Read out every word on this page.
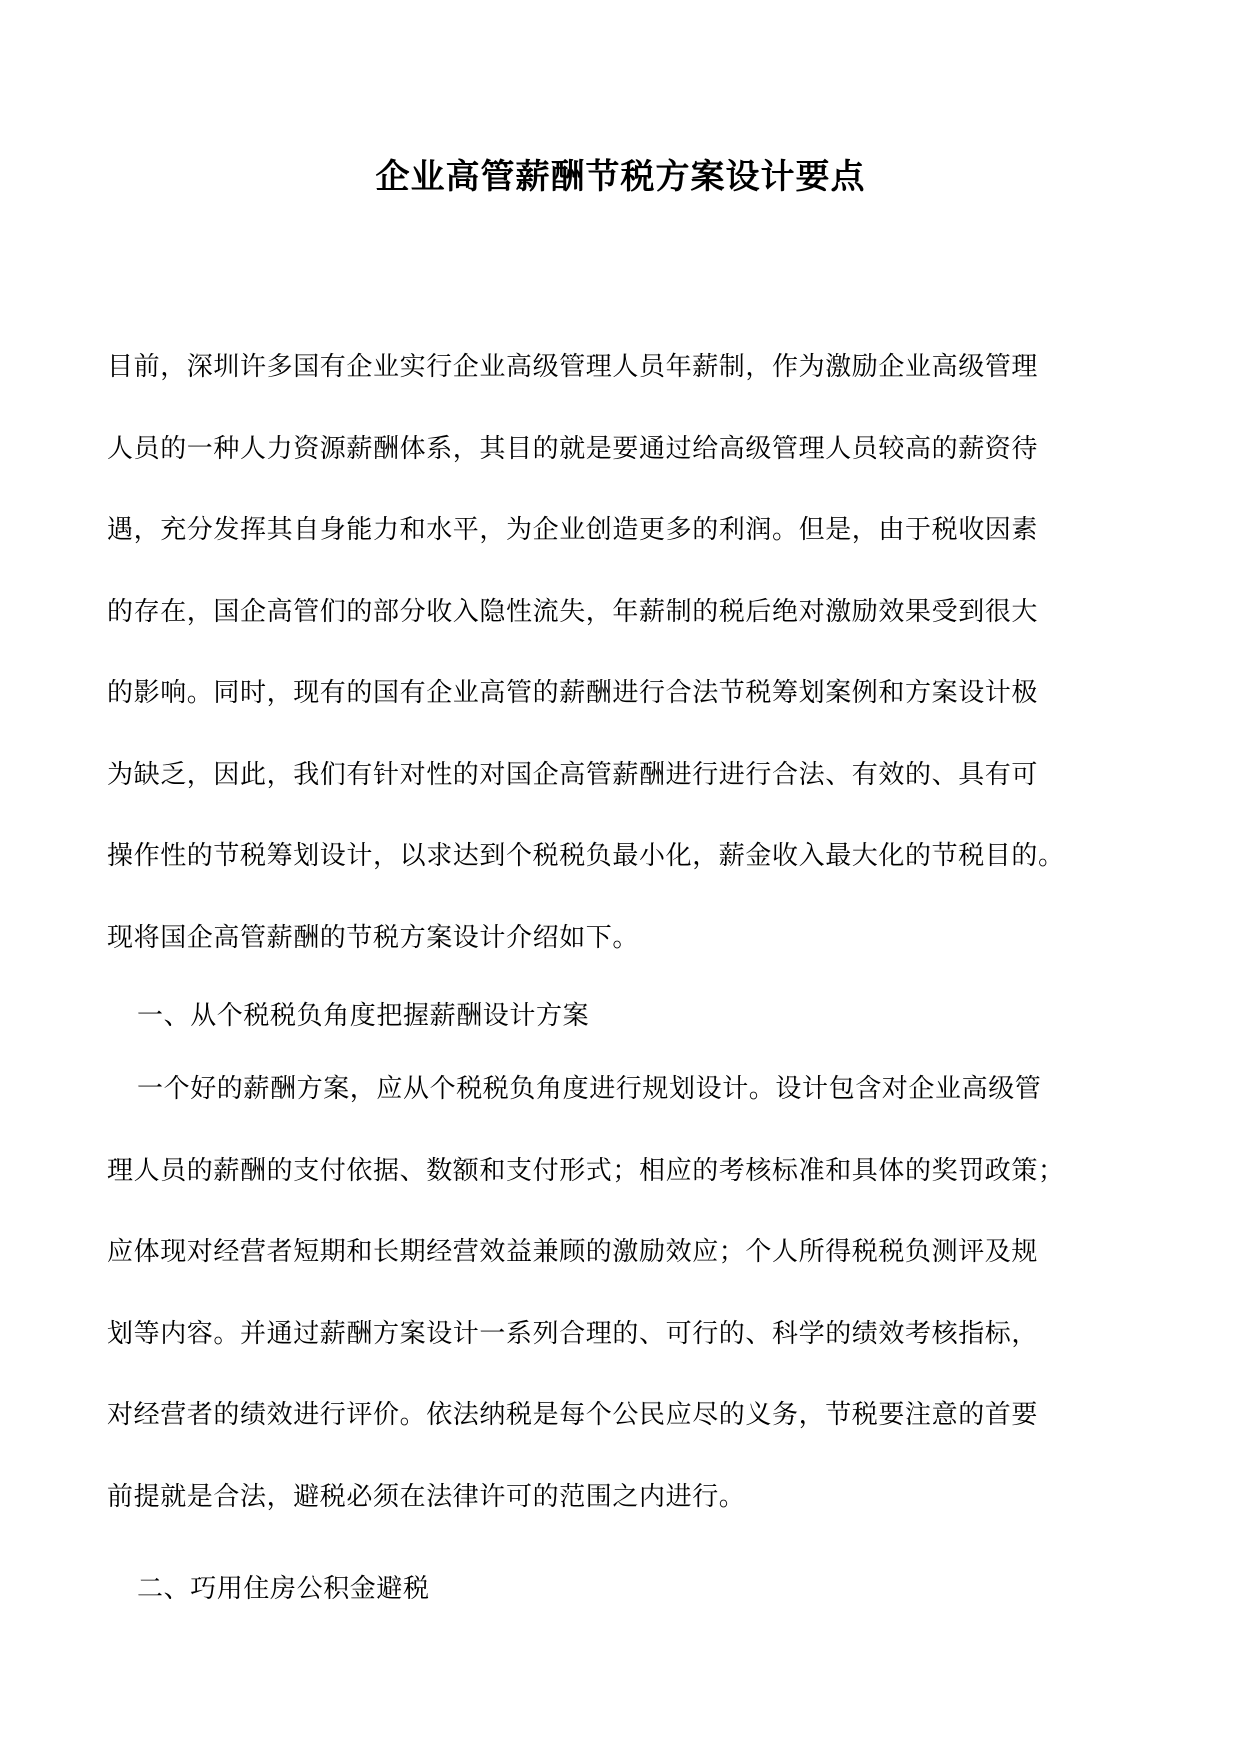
企业高管薪酬节税方案设计要点
目前，深圳许多国有企业实行企业高级管理人员年薪制，作为激励企业高级管理
人员的一种人力资源薪酬体系，其目的就是要通过给高级管理人员较高的薪资待
遇，充分发挥其自身能力和水平，为企业创造更多的利润。但是，由于税收因素
的存在，国企高管们的部分收入隐性流失，年薪制的税后绝对激励效果受到很大
的影响。同时，现有的国有企业高管的薪酬进行合法节税筹划案例和方案设计极
为缺乏，因此，我们有针对性的对国企高管薪酬进行进行合法、有效的、具有可
操作性的节税筹划设计，以求达到个税税负最小化，薪金收入最大化的节税目的。
现将国企高管薪酬的节税方案设计介绍如下。

一、从个税税负角度把握薪酬设计方案

一个好的薪酬方案，应从个税税负角度进行规划设计。设计包含对企业高级管
理人员的薪酬的支付依据、数额和支付形式；相应的考核标准和具体的奖罚政策；
应体现对经营者短期和长期经营效益兼顾的激励效应；个人所得税税负测评及规
划等内容。并通过薪酬方案设计一系列合理的、可行的、科学的绩效考核指标，
对经营者的绩效进行评价。依法纳税是每个公民应尽的义务，节税要注意的首要
前提就是合法，避税必须在法律许可的范围之内进行。

二、巧用住房公积金避税
